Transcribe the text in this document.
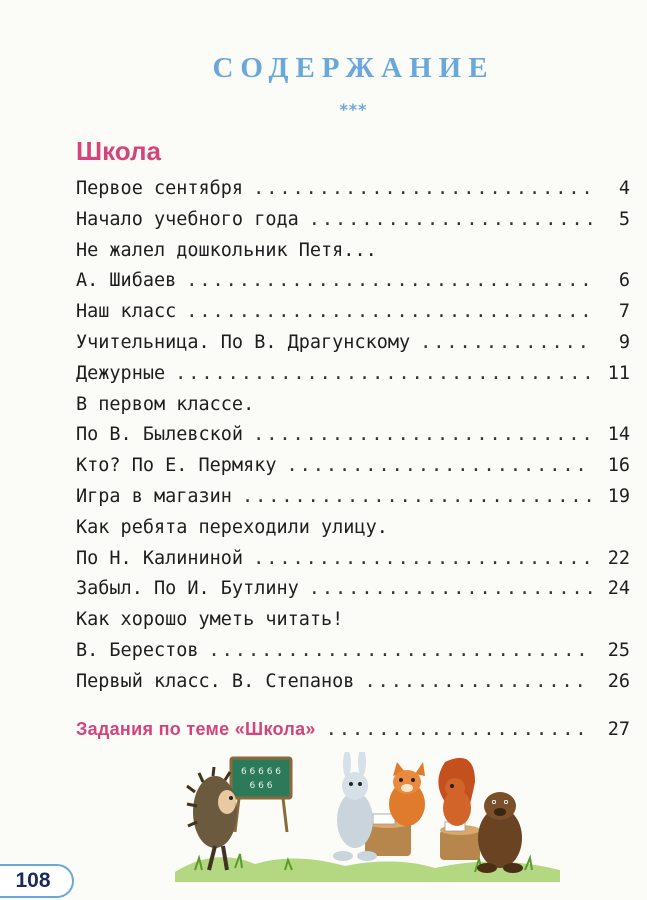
СОДЕРЖАНИЕ
***
Школа
Первое сентября .....	4
Начало учебного года .....	5
Не жалел дошкольник Петя...
А. Шибаев .....	6
Наш класс .....	7
Учительница. По В. Драгунскому .....	9
Дежурные .....	11
В первом классе.
По В. Былевской .....	14
Кто? По Е. Пермяку .....	16
Игра в магазин .....	19
Как ребята переходили улицу.
По Н. Калининой .....	22
Забыл. По И. Бутлину .....	24
Как хорошо уметь читать!
В. Берестов .....	25
Первый класс. В. Степанов .....	26
Задания по теме «Школа» .....	27
6 6 6 6 6
6 6 6
108
